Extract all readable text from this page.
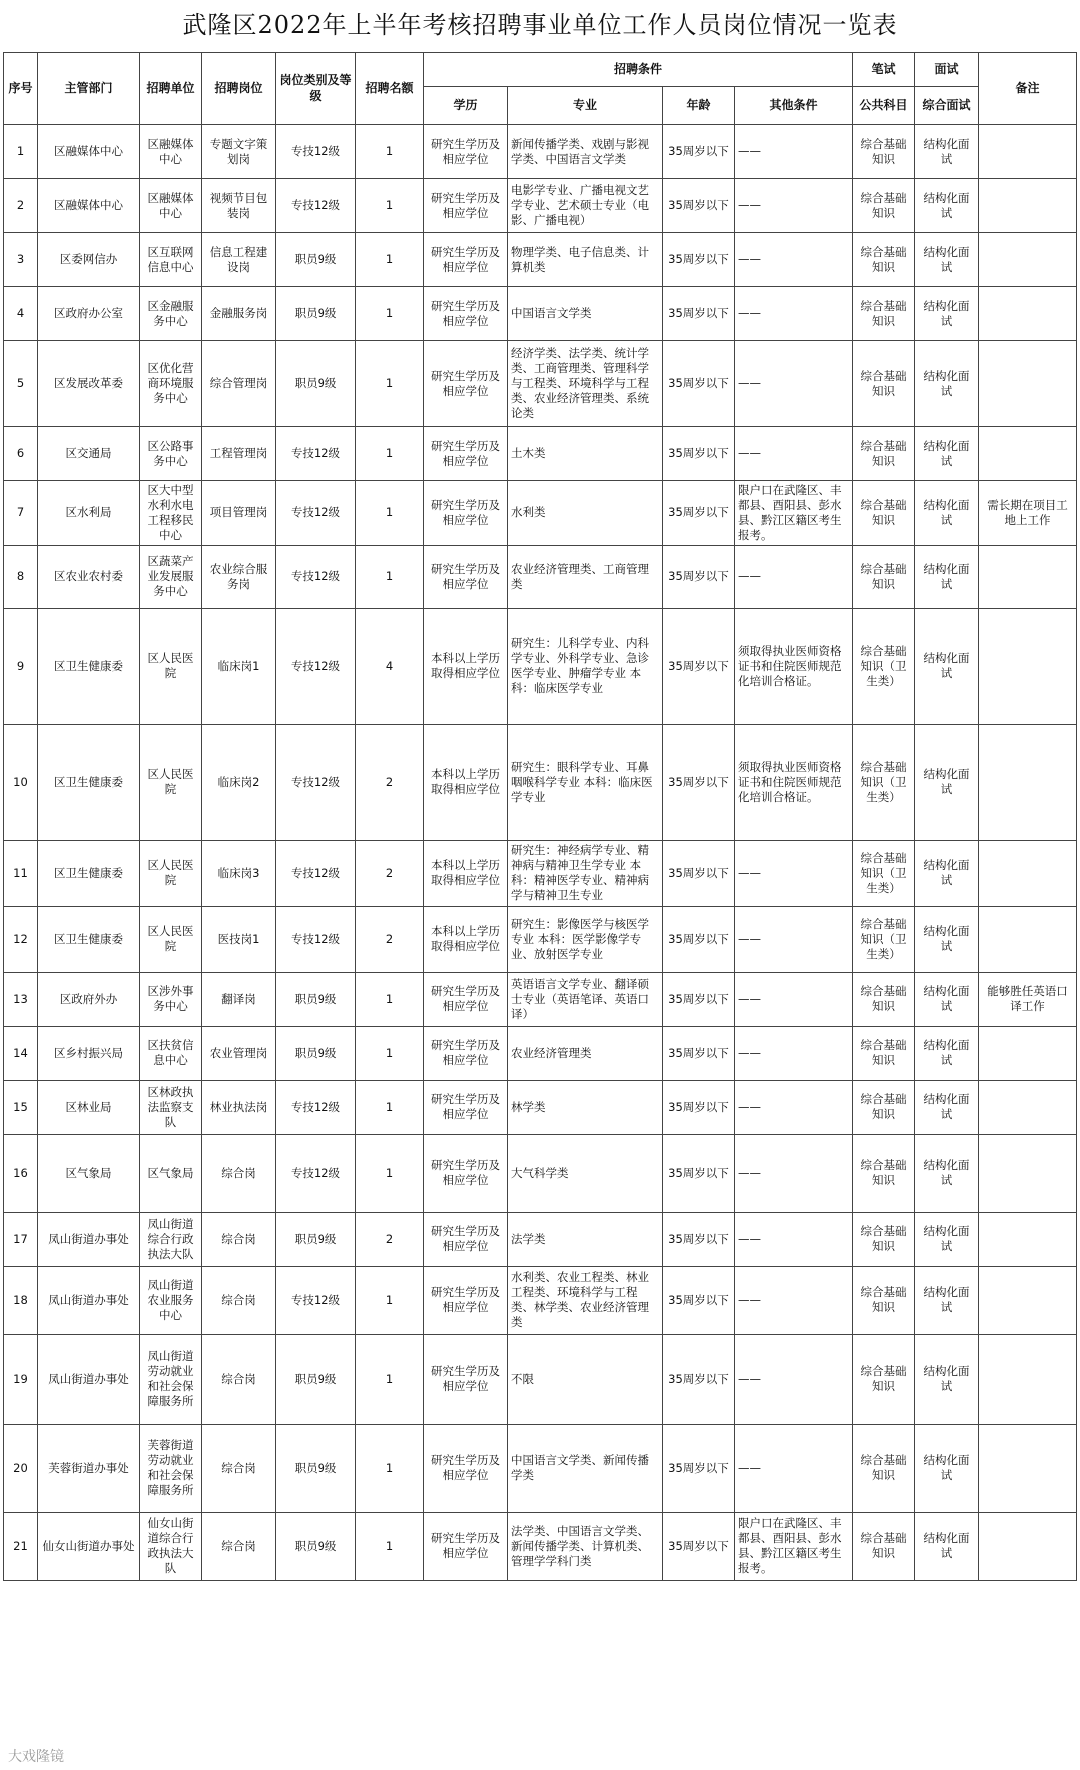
武隆区2022年上半年考核招聘事业单位工作人员岗位情况一览表
序号	主管部门	招聘单位	招聘岗位	岗位类别及等级	招聘名额	招聘条件				笔试	面试	备注
						学历	专业	年龄	其他条件	公共科目	综合面试	
1	区融媒体中心	区融媒体中心	专题文字策划岗	专技12级	1	研究生学历及相应学位	新闻传播学类、戏剧与影视学类、中国语言文学类	35周岁以下	——	综合基础知识	结构化面试	
2	区融媒体中心	区融媒体中心	视频节目包装岗	专技12级	1	研究生学历及相应学位	电影学专业、广播电视文艺学专业、艺术硕士专业（电影、广播电视）	35周岁以下	——	综合基础知识	结构化面试	
3	区委网信办	区互联网信息中心	信息工程建设岗	职员9级	1	研究生学历及相应学位	物理学类、电子信息类、计算机类	35周岁以下	——	综合基础知识	结构化面试	
4	区政府办公室	区金融服务中心	金融服务岗	职员9级	1	研究生学历及相应学位	中国语言文学类	35周岁以下	——	综合基础知识	结构化面试	
5	区发展改革委	区优化营商环境服务中心	综合管理岗	职员9级	1	研究生学历及相应学位	经济学类、法学类、统计学类、工商管理类、管理科学与工程类、环境科学与工程类、农业经济管理类、系统论类	35周岁以下	——	综合基础知识	结构化面试	
6	区交通局	区公路事务中心	工程管理岗	专技12级	1	研究生学历及相应学位	土木类	35周岁以下	——	综合基础知识	结构化面试	
7	区水利局	区大中型水利水电工程移民中心	项目管理岗	专技12级	1	研究生学历及相应学位	水利类	35周岁以下	限户口在武隆区、丰都县、酉阳县、彭水县、黔江区籍区考生报考。	综合基础知识	结构化面试	需长期在项目工地上工作
8	区农业农村委	区蔬菜产业发展服务中心	农业综合服务岗	专技12级	1	研究生学历及相应学位	农业经济管理类、工商管理类	35周岁以下	——	综合基础知识	结构化面试	
9	区卫生健康委	区人民医院	临床岗1	专技12级	4	本科以上学历取得相应学位	研究生：儿科学专业、内科学专业、外科学专业、急诊医学专业、肿瘤学专业 本科：临床医学专业	35周岁以下	须取得执业医师资格证书和住院医师规范化培训合格证。	综合基础知识（卫生类）	结构化面试	
10	区卫生健康委	区人民医院	临床岗2	专技12级	2	本科以上学历取得相应学位	研究生：眼科学专业、耳鼻咽喉科学专业 本科：临床医学专业	35周岁以下	须取得执业医师资格证书和住院医师规范化培训合格证。	综合基础知识（卫生类）	结构化面试	
11	区卫生健康委	区人民医院	临床岗3	专技12级	2	本科以上学历取得相应学位	研究生：神经病学专业、精神病与精神卫生学专业 本科：精神医学专业、精神病学与精神卫生专业	35周岁以下	——	综合基础知识（卫生类）	结构化面试	
12	区卫生健康委	区人民医院	医技岗1	专技12级	2	本科以上学历取得相应学位	研究生：影像医学与核医学专业 本科：医学影像学专业、放射医学专业	35周岁以下	——	综合基础知识（卫生类）	结构化面试	
13	区政府外办	区涉外事务中心	翻译岗	职员9级	1	研究生学历及相应学位	英语语言文学专业、翻译硕士专业（英语笔译、英语口译）	35周岁以下	——	综合基础知识	结构化面试	能够胜任英语口译工作
14	区乡村振兴局	区扶贫信息中心	农业管理岗	职员9级	1	研究生学历及相应学位	农业经济管理类	35周岁以下	——	综合基础知识	结构化面试	
15	区林业局	区林政执法监察支队	林业执法岗	专技12级	1	研究生学历及相应学位	林学类	35周岁以下	——	综合基础知识	结构化面试	
16	区气象局	区气象局	综合岗	专技12级	1	研究生学历及相应学位	大气科学类	35周岁以下	——	综合基础知识	结构化面试	
17	凤山街道办事处	凤山街道综合行政执法大队	综合岗	职员9级	2	研究生学历及相应学位	法学类	35周岁以下	——	综合基础知识	结构化面试	
18	凤山街道办事处	凤山街道农业服务中心	综合岗	专技12级	1	研究生学历及相应学位	水利类、农业工程类、林业工程类、环境科学与工程类、林学类、农业经济管理类	35周岁以下	——	综合基础知识	结构化面试	
19	凤山街道办事处	凤山街道劳动就业和社会保障服务所	综合岗	职员9级	1	研究生学历及相应学位	不限	35周岁以下	——	综合基础知识	结构化面试	
20	芙蓉街道办事处	芙蓉街道劳动就业和社会保障服务所	综合岗	职员9级	1	研究生学历及相应学位	中国语言文学类、新闻传播学类	35周岁以下	——	综合基础知识	结构化面试	
21	仙女山街道办事处	仙女山街道综合行政执法大队	综合岗	职员9级	1	研究生学历及相应学位	法学类、中国语言文学类、新闻传播学类、计算机类、管理学学科门类	35周岁以下	限户口在武隆区、丰都县、酉阳县、彭水县、黔江区籍区考生报考。	综合基础知识	结构化面试	
大戏隆镜
